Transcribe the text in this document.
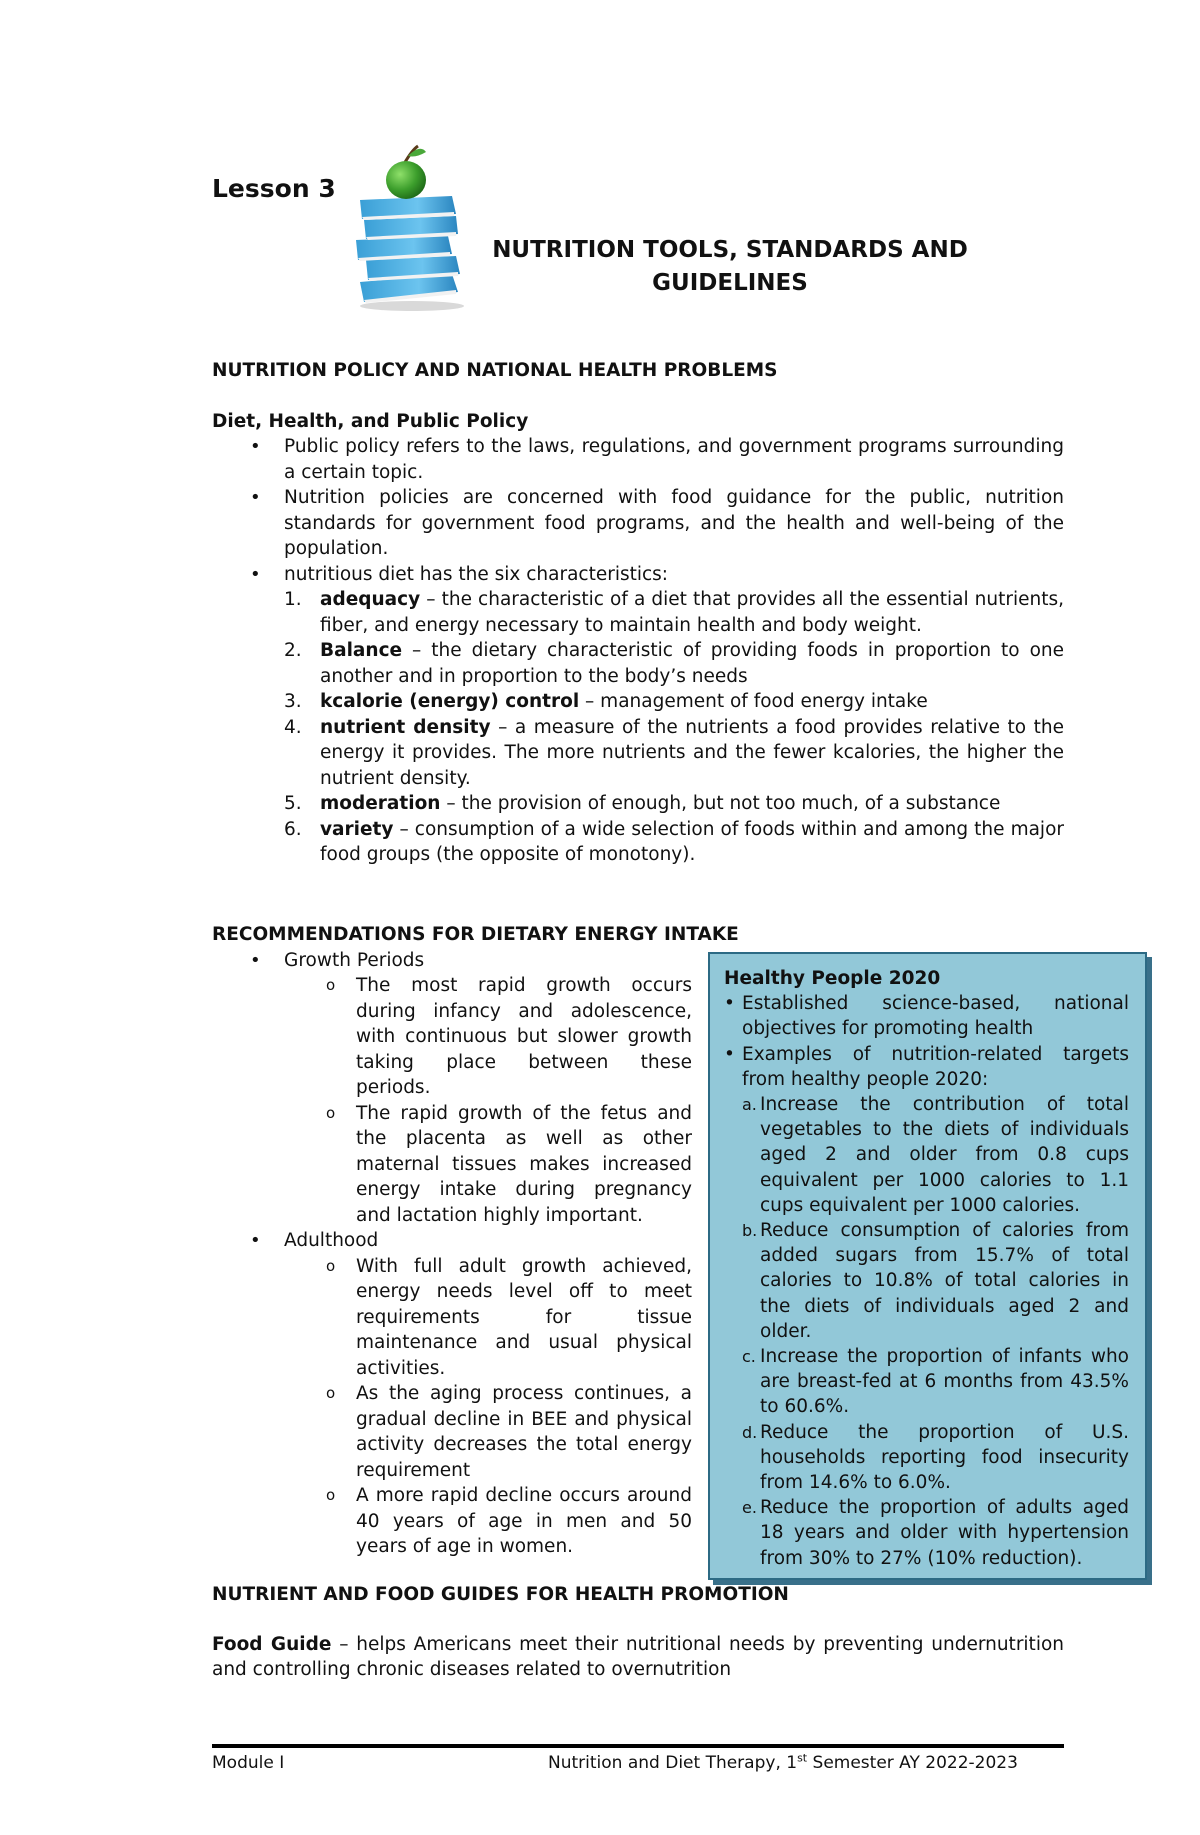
Lesson 3
NUTRITION TOOLS, STANDARDS AND
GUIDELINES
NUTRITION POLICY AND NATIONAL HEALTH PROBLEMS
Diet, Health, and Public Policy
• Public policy refers to the laws, regulations, and government programs surrounding a certain topic.
• Nutrition policies are concerned with food guidance for the public, nutrition standards for government food programs, and the health and well-being of the population.
• nutritious diet has the six characteristics:
1. adequacy – the characteristic of a diet that provides all the essential nutrients, fiber, and energy necessary to maintain health and body weight.
2. Balance – the dietary characteristic of providing foods in proportion to one another and in proportion to the body’s needs
3. kcalorie (energy) control – management of food energy intake
4. nutrient density – a measure of the nutrients a food provides relative to the energy it provides. The more nutrients and the fewer kcalories, the higher the nutrient density.
5. moderation – the provision of enough, but not too much, of a substance
6. variety – consumption of a wide selection of foods within and among the major food groups (the opposite of monotony).
RECOMMENDATIONS FOR DIETARY ENERGY INTAKE
• Growth Periods
o The most rapid growth occurs during infancy and adolescence, with continuous but slower growth taking place between these periods.
o The rapid growth of the fetus and the placenta as well as other maternal tissues makes increased energy intake during pregnancy and lactation highly important.
• Adulthood
o With full adult growth achieved, energy needs level off to meet requirements for tissue maintenance and usual physical activities.
o As the aging process continues, a gradual decline in BEE and physical activity decreases the total energy requirement
o A more rapid decline occurs around 40 years of age in men and 50 years of age in women.
Healthy People 2020
• Established science-based, national objectives for promoting health
• Examples of nutrition-related targets from healthy people 2020:
a. Increase the contribution of total vegetables to the diets of individuals aged 2 and older from 0.8 cups equivalent per 1000 calories to 1.1 cups equivalent per 1000 calories.
b. Reduce consumption of calories from added sugars from 15.7% of total calories to 10.8% of total calories in the diets of individuals aged 2 and older.
c. Increase the proportion of infants who are breast-fed at 6 months from 43.5% to 60.6%.
d. Reduce the proportion of U.S. households reporting food insecurity from 14.6% to 6.0%.
e. Reduce the proportion of adults aged 18 years and older with hypertension from 30% to 27% (10% reduction).
NUTRIENT AND FOOD GUIDES FOR HEALTH PROMOTION
Food Guide – helps Americans meet their nutritional needs by preventing undernutrition and controlling chronic diseases related to overnutrition
Module I	Nutrition and Diet Therapy, 1st Semester AY 2022-2023
